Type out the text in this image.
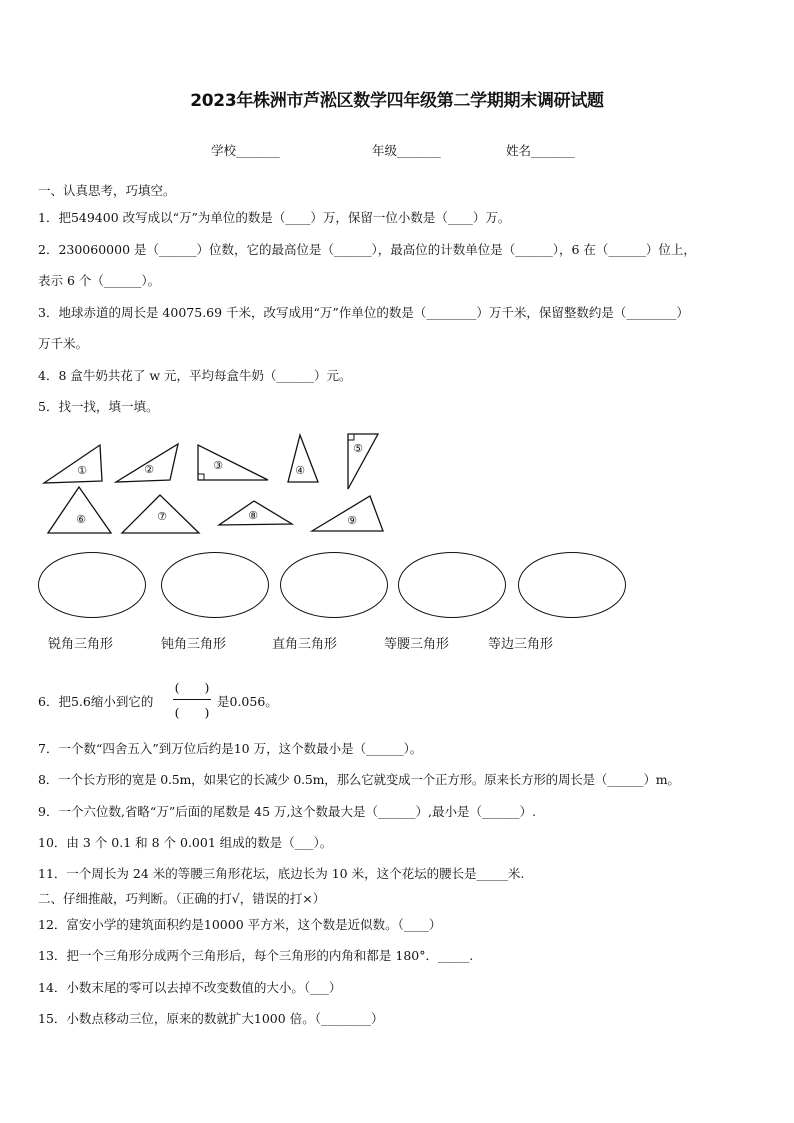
2023年株洲市芦淞区数学四年级第二学期期末调研试题
学校_______	年级_______	姓名_______
一、认真思考，巧填空。
1．把549400 改写成以“万”为单位的数是（____）万，保留一位小数是（____）万。
2．230060000 是（______）位数，它的最高位是（______），最高位的计数单位是（______），6 在（______）位上，
表示 6 个（______）。
3．地球赤道的周长是 40075.69 千米，改写成用“万”作单位的数是（________）万千米，保留整数约是（________）
万千米。
4．8 盒牛奶共花了 w 元，平均每盒牛奶（______）元。
5．找一找，填一填。
①	②	③	④
⑤
⑥	⑦	⑧	⑨
锐角三角形	钝角三角形	直角三角形	等腰三角形	等边三角形
6．把5.6缩小到它的
(　　)
(　　)
是0.056。
7．一个数“四舍五入”到万位后约是10 万，这个数最小是（______）。
8．一个长方形的宽是 0.5m，如果它的长减少 0.5m，那么它就变成一个正方形。原来长方形的周长是（______）m。
9．一个六位数,省略“万”后面的尾数是 45 万,这个数最大是（______）,最小是（______）.
10．由 3 个 0.1 和 8 个 0.001 组成的数是（___）。
11．一个周长为 24 米的等腰三角形花坛，底边长为 10 米，这个花坛的腰长是_____米.
二、仔细推敲，巧判断。（正确的打√，错误的打×）
12．富安小学的建筑面积约是10000 平方米，这个数是近似数。（____）
13．把一个三角形分成两个三角形后，每个三角形的内角和都是 180°．_____.
14．小数末尾的零可以去掉不改变数值的大小。（___）
15．小数点移动三位，原来的数就扩大1000 倍。（________）
